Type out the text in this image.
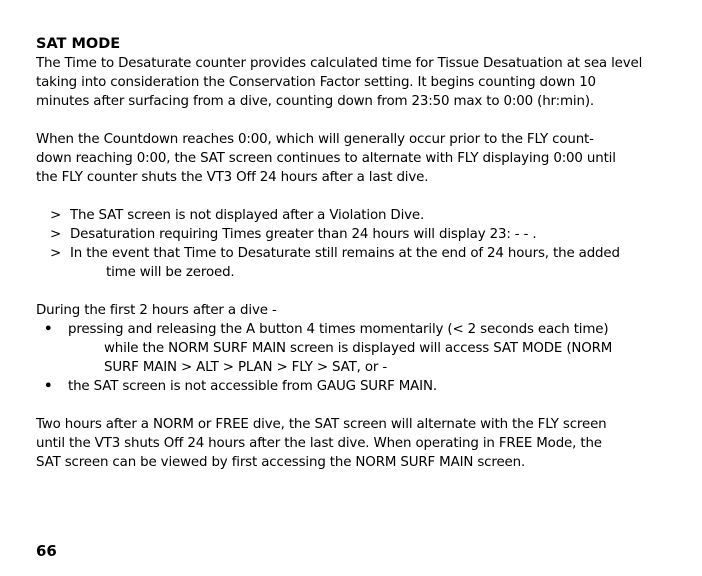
SAT MODE
The Time to Desaturate counter provides calculated time for Tissue Desatuation at sea level
taking into consideration the Conservation Factor setting. It begins counting down 10
minutes after surfacing from a dive, counting down from 23:50 max to 0:00 (hr:min).
When the Countdown reaches 0:00, which will generally occur prior to the FLY count-
down reaching 0:00, the SAT screen continues to alternate with FLY displaying 0:00 until
the FLY counter shuts the VT3 Off 24 hours after a last dive.
> The SAT screen is not displayed after a Violation Dive.
> Desaturation requiring Times greater than 24 hours will display 23: - - .
> In the event that Time to Desaturate still remains at the end of 24 hours, the added
time will be zeroed.
During the first 2 hours after a dive -
• pressing and releasing the A button 4 times momentarily (< 2 seconds each time)
while the NORM SURF MAIN screen is displayed will access SAT MODE (NORM
SURF MAIN > ALT > PLAN > FLY > SAT, or -
• the SAT screen is not accessible from GAUG SURF MAIN.
Two hours after a NORM or FREE dive, the SAT screen will alternate with the FLY screen
until the VT3 shuts Off 24 hours after the last dive. When operating in FREE Mode, the
SAT screen can be viewed by first accessing the NORM SURF MAIN screen.
66
